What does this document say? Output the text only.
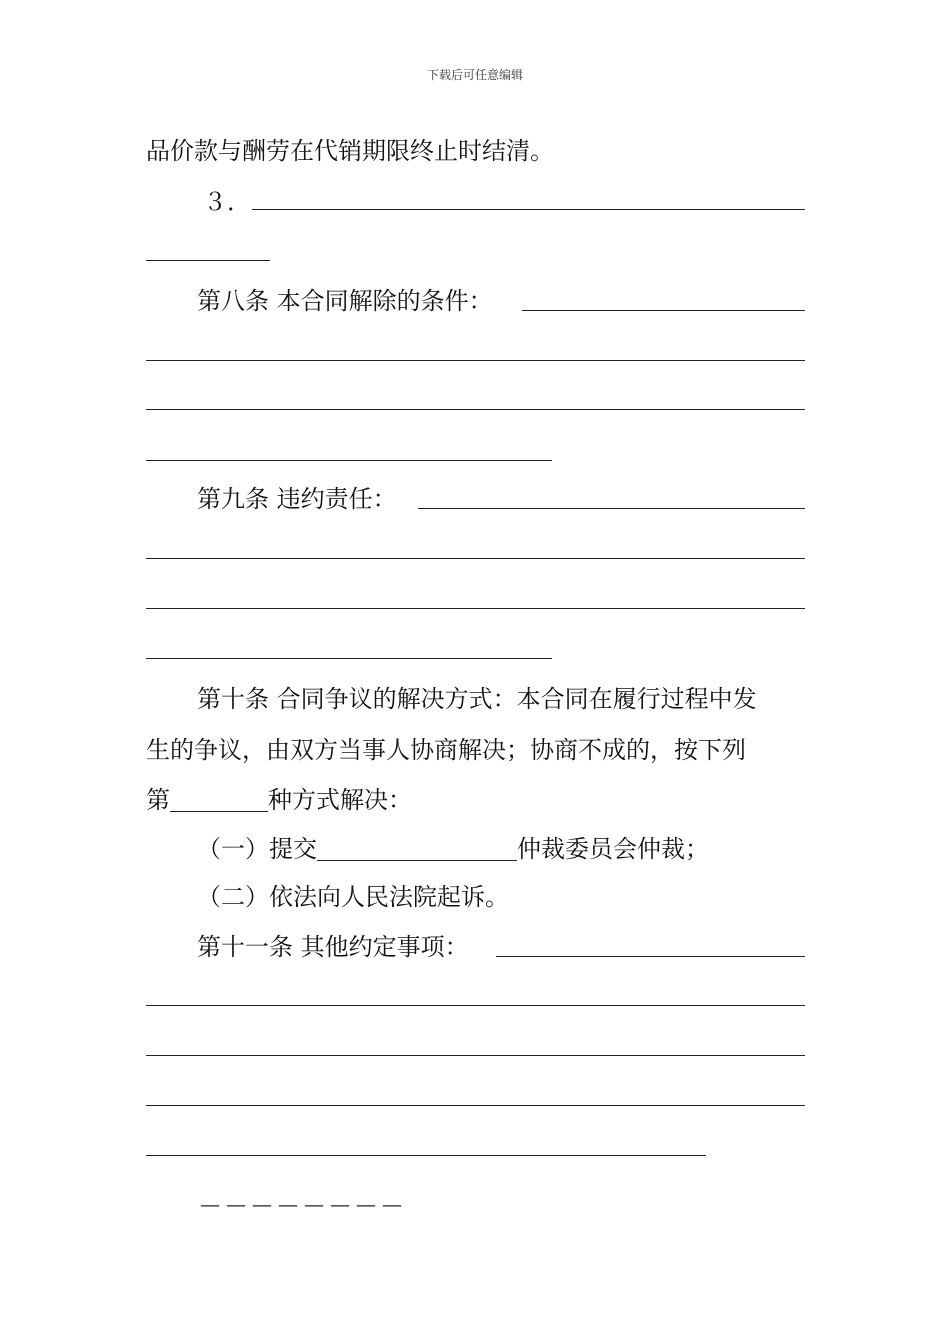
下载后可任意编辑
品价款与酬劳在代销期限终止时结清。
３．
第八条 本合同解除的条件：
第九条 违约责任：
第十条 合同争议的解决方式：本合同在履行过程中发
生的争议，由双方当事人协商解决；协商不成的，按下列
第	种方式解决：
（一）提交	仲裁委员会仲裁；
（二）依法向人民法院起诉。
第十一条 其他约定事项：
————————
